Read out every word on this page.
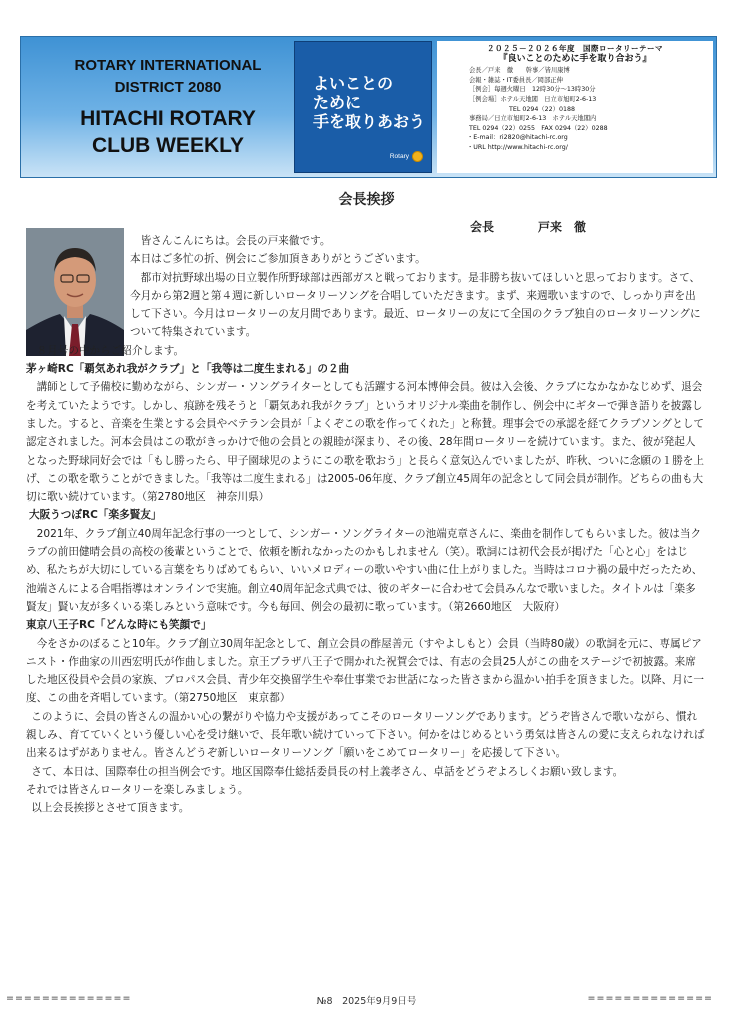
ROTARY INTERNATIONAL
DISTRICT 2080
HITACHI ROTARY
CLUB WEEKLY
よいことの
ために
手を取りあおう
Rotary
２０２５－２０２６年度　国際ロータリーテーマ
『良いことのために手を取り合おう』
会長／戸来　徹　　幹事／皆川康博
会報・雑誌・IT委員長／岡部正伸
［例会］毎週火曜日　12時30分～13時30分
［例会場］ホテル天地閣　日立市旭町2-6-13
TEL 0294（22）0188
事務局／日立市旭町2-6-13　ホテル天地閣内
TEL 0294（22）0255　FAX 0294（22）0288
・E-mail：ri2820@hitachi-rc.org
・URL http://www.hitachi-rc.org/
会長挨拶
会長	戸来　徹

皆さんこんにちは。会長の戸来徹です。

本日はご多忙の折、例会にご参加頂きありがとうございます。

都市対抗野球出場の日立製作所野球部は西部ガスと戦っております。是非勝ち抜いてほしいと思っております。さて、今月から第2週と第４週に新しいロータリーソングを合唱していただきます。まず、来週歌いますので、しっかり声を出して下さい。今月はロータリーの友月間であります。最近、ロータリーの友にて全国のクラブ独自のロータリーソングについて特集されています。

８月号の中からご紹介します。

茅ヶ崎RC「覇気あれ我がクラブ」と「我等は二度生まれる」の２曲

講師として予備校に勤めながら、シンガー・ソングライターとしても活躍する河本博伸会員。彼は入会後、クラブになかなかなじめず、退会を考えていたようです。しかし、痕跡を残そうと「覇気あれ我がクラブ」というオリジナル楽曲を制作し、例会中にギターで弾き語りを披露しました。すると、音楽を生業とする会員やベテラン会員が「よくぞこの歌を作ってくれた」と称賛。理事会での承認を経てクラブソングとして認定されました。河本会員はこの歌がきっかけで他の会員との親睦が深まり、その後、28年間ロータリーを続けています。また、彼が発起人となった野球同好会では「もし勝ったら、甲子園球児のようにこの歌を歌おう」と長らく意気込んでいましたが、昨秋、ついに念願の１勝を上げ、この歌を歌うことができました。「我等は二度生まれる」は2005-06年度、クラブ創立45周年の記念として同会員が制作。どちらの曲も大切に歌い続けています。（第2780地区　神奈川県）

大阪うつぼRC「楽多賢友」

2021年、クラブ創立40周年記念行事の一つとして、シンガー・ソングライターの池端克章さんに、楽曲を制作してもらいました。彼は当クラブの前田健晴会員の高校の後輩ということで、依頼を断れなかったのかもしれません（笑）。歌詞には初代会長が掲げた「心と心」をはじめ、私たちが大切にしている言葉をちりばめてもらい、いいメロディーの歌いやすい曲に仕上がりました。当時はコロナ禍の最中だったため、池端さんによる合唱指導はオンラインで実施。創立40周年記念式典では、彼のギターに合わせて会員みんなで歌いました。タイトルは「楽多賢友」賢い友が多くいる楽しみという意味です。今も毎回、例会の最初に歌っています。（第2660地区　大阪府）

東京八王子RC「どんな時にも笑顔で」

今をさかのぼること10年。クラブ創立30周年記念として、創立会員の酢屋善元（すやよしもと）会員（当時80歳）の歌詞を元に、専属ピアニスト・作曲家の川西宏明氏が作曲しました。京王プラザ八王子で開かれた祝賀会では、有志の会員25人がこの曲をステージで初披露。来席した地区役員や会員の家族、プロパス会員、青少年交換留学生や奉仕事業でお世話になった皆さまから温かい拍手を頂きました。以降、月に一度、この曲を斉唱しています。（第2750地区　東京都）

このように、会員の皆さんの温かい心の繋がりや協力や支援があってこそのロータリーソングであります。どうぞ皆さんで歌いながら、慣れ親しみ、育てていくという優しい心を受け継いで、長年歌い続けていって下さい。何かをはじめるという勇気は皆さんの愛に支えられなければ出来るはずがありません。皆さんどうぞ新しいロータリーソング「願いをこめてロータリー」を応援して下さい。

さて、本日は、国際奉仕の担当例会です。地区国際奉仕総括委員長の村上義孝さん、卓話をどうぞよろしくお願い致します。

それでは皆さんロータリーを楽しみましょう。

以上会長挨拶とさせて頂きます。

==============	№8　2025年9月9日号	==============
